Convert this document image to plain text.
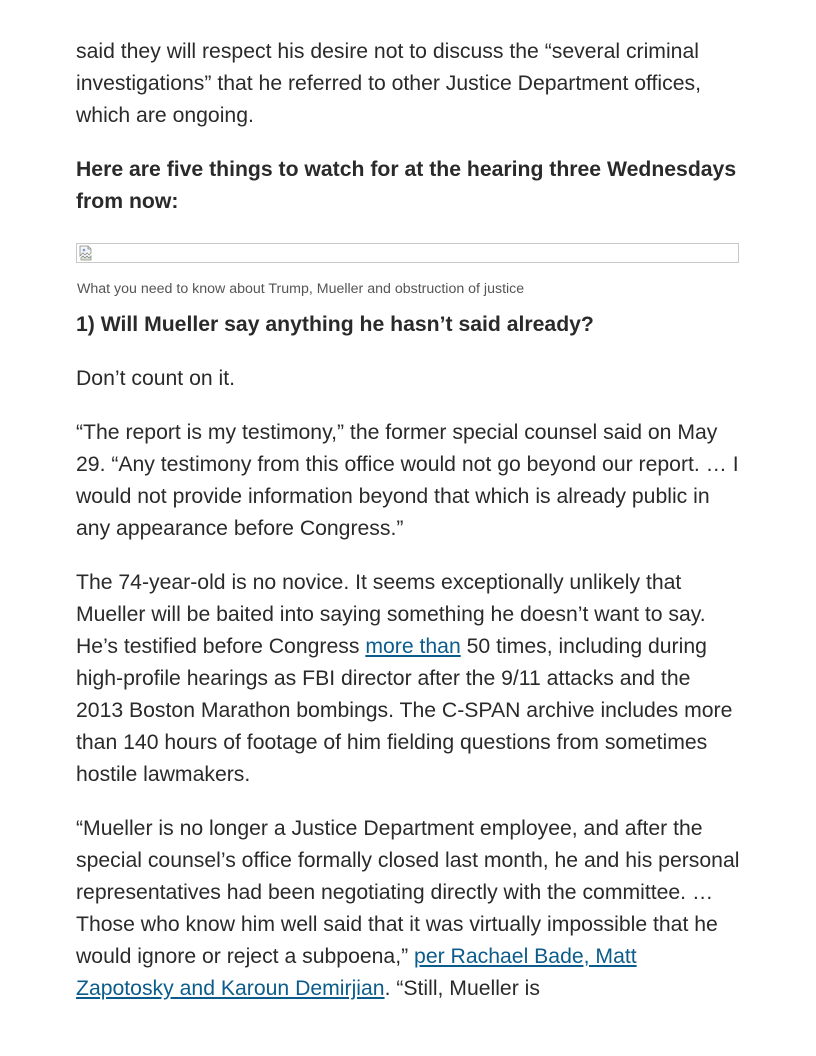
said they will respect his desire not to discuss the “several criminal investigations” that he referred to other Justice Department offices, which are ongoing.

Here are five things to watch for at the hearing three Wednesdays from now:

What you need to know about Trump, Mueller and obstruction of justice

1) Will Mueller say anything he hasn’t said already?

Don’t count on it.

“The report is my testimony,” the former special counsel said on May 29. “Any testimony from this office would not go beyond our report. … I would not provide information beyond that which is already public in any appearance before Congress.”

The 74-year-old is no novice. It seems exceptionally unlikely that Mueller will be baited into saying something he doesn’t want to say. He’s testified before Congress more than 50 times, including during high-profile hearings as FBI director after the 9/11 attacks and the 2013 Boston Marathon bombings. The C-SPAN archive includes more than 140 hours of footage of him fielding questions from sometimes hostile lawmakers.

“Mueller is no longer a Justice Department employee, and after the special counsel’s office formally closed last month, he and his personal representatives had been negotiating directly with the committee. … Those who know him well said that it was virtually impossible that he would ignore or reject a subpoena,” per Rachael Bade, Matt Zapotosky and Karoun Demirjian. “Still, Mueller is
